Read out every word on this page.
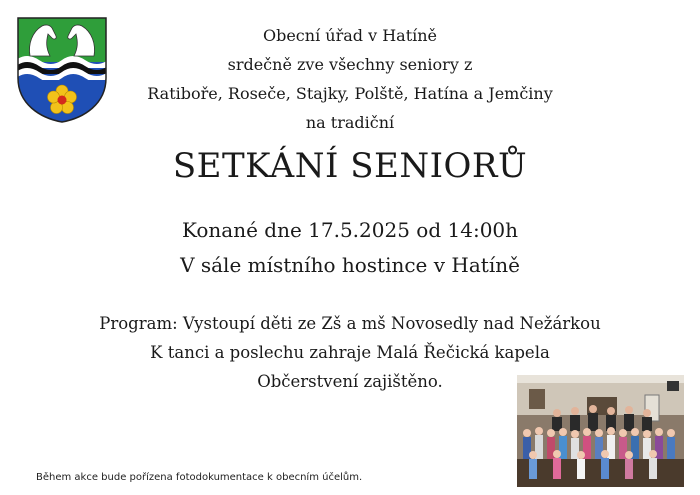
Obecní úřad v Hatíně
srdečně zve všechny seniory z
Ratiboře, Roseče, Stajky, Polště, Hatína a Jemčiny
na tradiční
SETKÁNÍ SENIORŮ
Konané dne 17.5.2025 od 14:00h
V sále místního hostince v Hatíně
Program: Vystoupí děti ze Zš a mš Novosedly nad Nežárkou
K tanci a poslechu zahraje Malá Řečická kapela
Občerstvení zajištěno.
Během akce bude pořízena fotodokumentace k obecním účelům.
